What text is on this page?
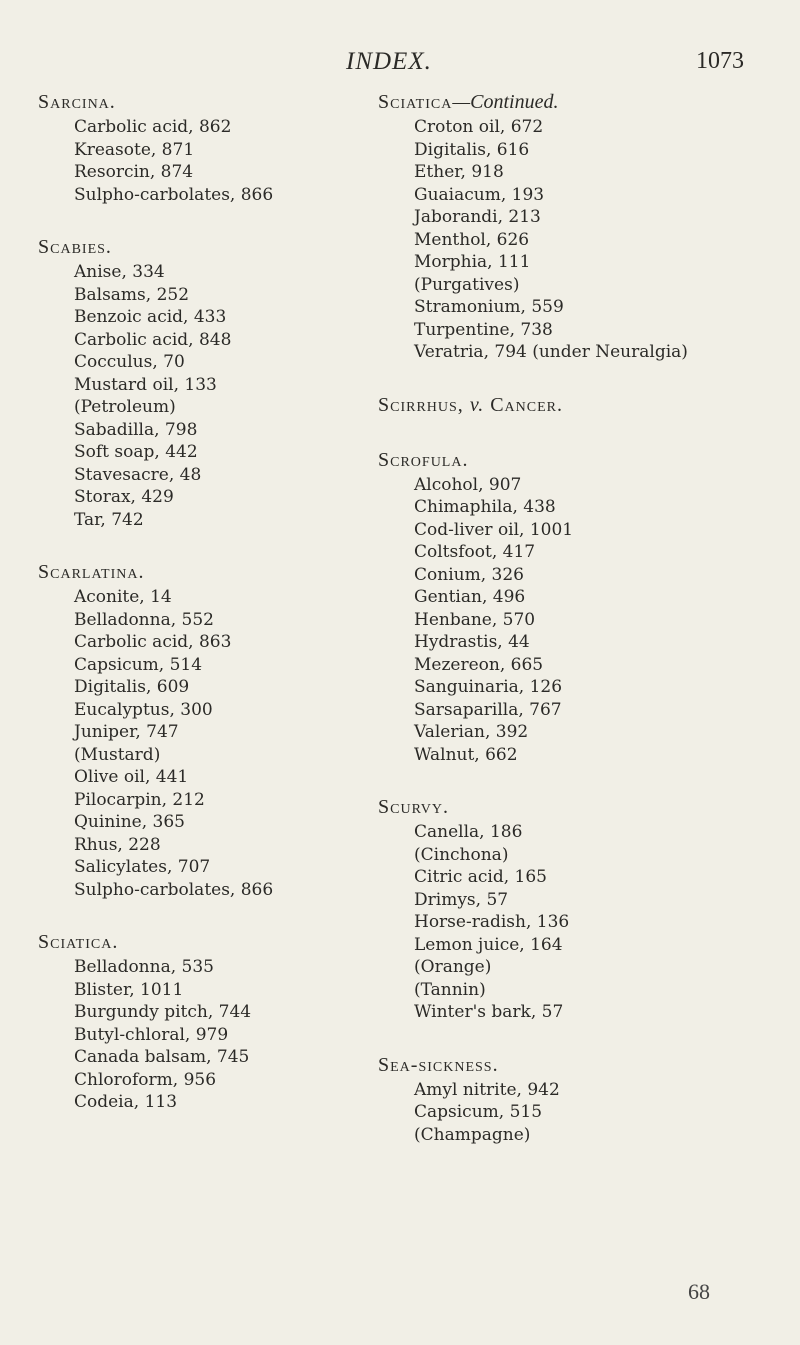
INDEX.	1073
Sarcina.
Carbolic acid, 862
Kreasote, 871
Resorcin, 874
Sulpho-carbolates, 866
Scabies.
Anise, 334
Balsams, 252
Benzoic acid, 433
Carbolic acid, 848
Cocculus, 70
Mustard oil, 133
(Petroleum)
Sabadilla, 798
Soft soap, 442
Stavesacre, 48
Storax, 429
Tar, 742
Scarlatina.
Aconite, 14
Belladonna, 552
Carbolic acid, 863
Capsicum, 514
Digitalis, 609
Eucalyptus, 300
Juniper, 747
(Mustard)
Olive oil, 441
Pilocarpin, 212
Quinine, 365
Rhus, 228
Salicylates, 707
Sulpho-carbolates, 866
Sciatica.
Belladonna, 535
Blister, 1011
Burgundy pitch, 744
Butyl-chloral, 979
Canada balsam, 745
Chloroform, 956
Codeia, 113
Sciatica—Continued.
Croton oil, 672
Digitalis, 616
Ether, 918
Guaiacum, 193
Jaborandi, 213
Menthol, 626
Morphia, 111
(Purgatives)
Stramonium, 559
Turpentine, 738
Veratria, 794 (under Neuralgia)
Scirrhus, v. Cancer.
Scrofula.
Alcohol, 907
Chimaphila, 438
Cod-liver oil, 1001
Coltsfoot, 417
Conium, 326
Gentian, 496
Henbane, 570
Hydrastis, 44
Mezereon, 665
Sanguinaria, 126
Sarsaparilla, 767
Valerian, 392
Walnut, 662
Scurvy.
Canella, 186
(Cinchona)
Citric acid, 165
Drimys, 57
Horse-radish, 136
Lemon juice, 164
(Orange)
(Tannin)
Winter's bark, 57
Sea-sickness.
Amyl nitrite, 942
Capsicum, 515
(Champagne)
68
